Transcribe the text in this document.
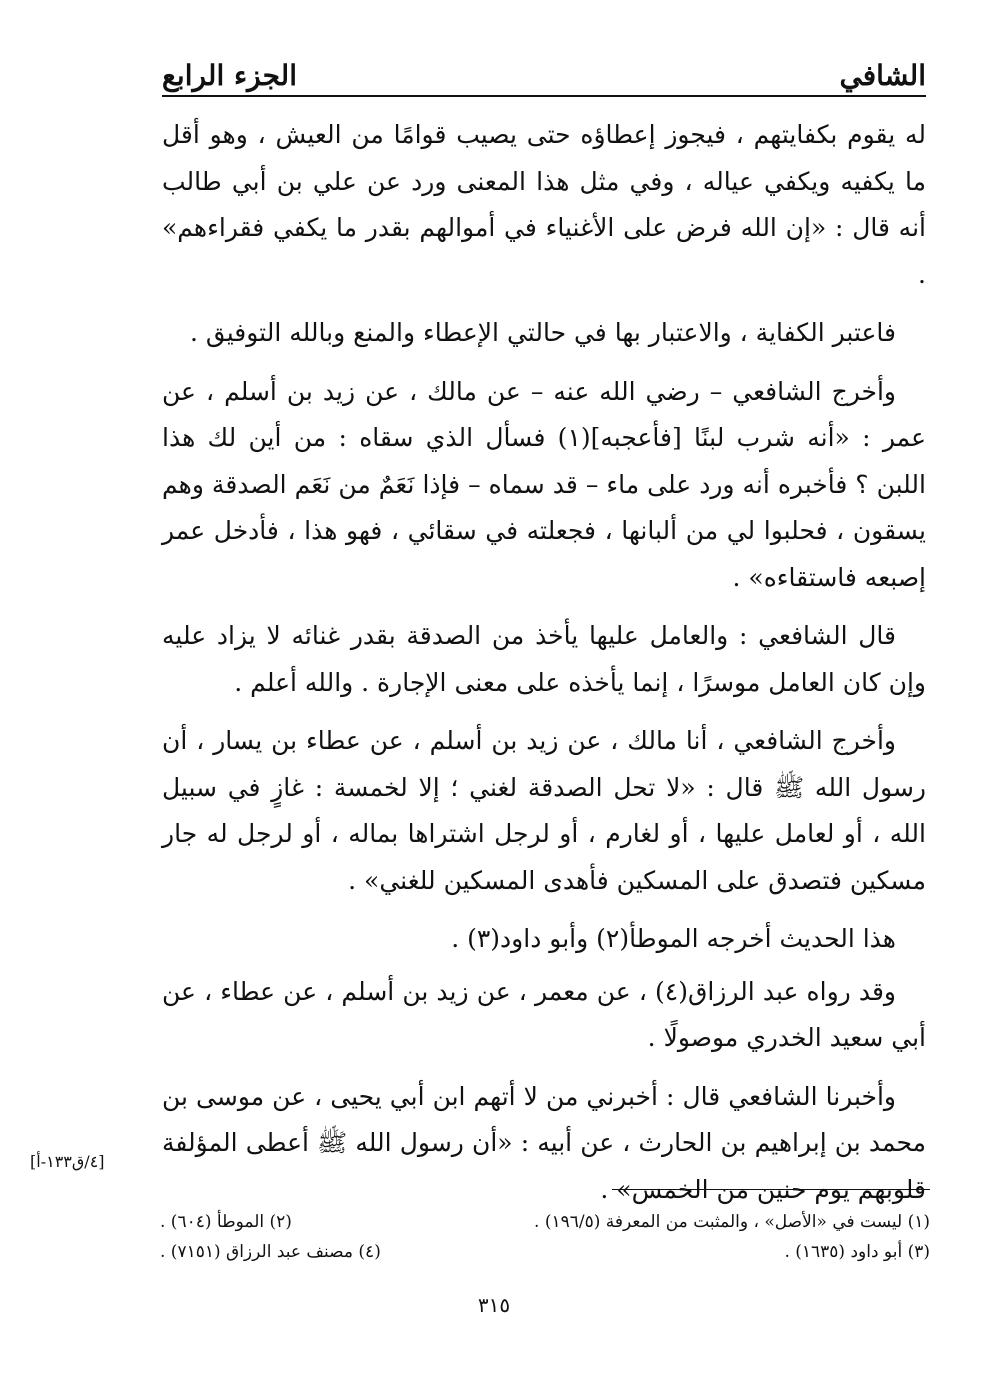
الشافي
الجزء الرابع

له يقوم بكفايتهم ، فيجوز إعطاؤه حتى يصيب قوامًا من العيش ، وهو أقل ما يكفيه ويكفي عياله ، وفي مثل هذا المعنى ورد عن علي بن أبي طالب أنه قال : «إن الله فرض على الأغنياء في أموالهم بقدر ما يكفي فقراءهم» .

فاعتبر الكفاية ، والاعتبار بها في حالتي الإعطاء والمنع وبالله التوفيق .

وأخرج الشافعي – رضي الله عنه – عن مالك ، عن زيد بن أسلم ، عن عمر : «أنه شرب لبنًا [فأعجبه](١) فسأل الذي سقاه : من أين لك هذا اللبن ؟ فأخبره أنه ورد على ماء – قد سماه – فإذا نَعَمٌ من نَعَم الصدقة وهم يسقون ، فحلبوا لي من ألبانها ، فجعلته في سقائي ، فهو هذا ، فأدخل عمر إصبعه فاستقاءه» .

قال الشافعي : والعامل عليها يأخذ من الصدقة بقدر غنائه لا يزاد عليه وإن كان العامل موسرًا ، إنما يأخذه على معنى الإجارة . والله أعلم .

وأخرج الشافعي ، أنا مالك ، عن زيد بن أسلم ، عن عطاء بن يسار ، أن رسول الله ﷺ قال : «لا تحل الصدقة لغني ؛ إلا لخمسة : غازٍ في سبيل الله ، أو لعامل عليها ، أو لغارم ، أو لرجل اشتراها بماله ، أو لرجل له جار مسكين فتصدق على المسكين فأهدى المسكين للغني» .

هذا الحديث أخرجه الموطأ(٢) وأبو داود(٣) .

وقد رواه عبد الرزاق(٤) ، عن معمر ، عن زيد بن أسلم ، عن عطاء ، عن أبي سعيد الخدري موصولًا .

وأخبرنا الشافعي قال : أخبرني من لا أتهم ابن أبي يحيى ، عن موسى بن محمد بن إبراهيم بن الحارث ، عن أبيه : «أن رسول الله ﷺ أعطى المؤلفة قلوبهم يوم حنين من الخمس» .

[٤/ق١٣٣-أ]
(١) ليست في «الأصل» ، والمثبت من المعرفة (١٩٦/٥) .
(٢) الموطأ (٦٠٤) .
(٣) أبو داود (١٦٣٥) .
(٤) مصنف عبد الرزاق (٧١٥١) .
٣١٥
